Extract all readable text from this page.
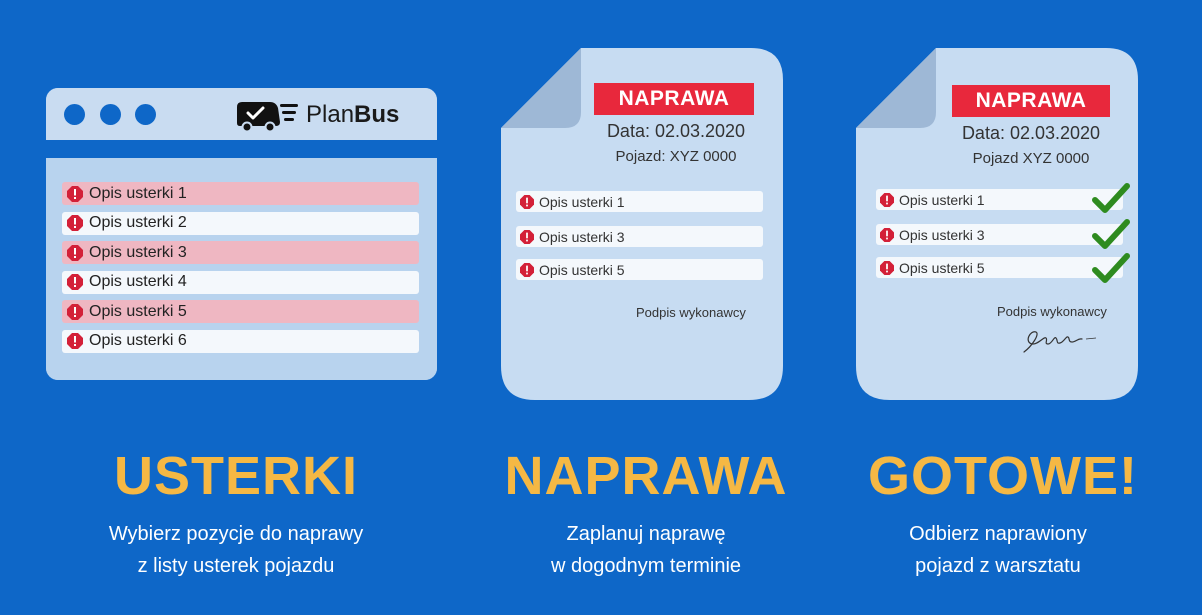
PlanBus
Opis usterki 1
Opis usterki 2
Opis usterki 3
Opis usterki 4
Opis usterki 5
Opis usterki 6
NAPRAWA
Data: 02.03.2020
Pojazd: XYZ 0000
Opis usterki 1
Opis usterki 3
Opis usterki 5
Podpis wykonawcy
NAPRAWA
Data: 02.03.2020
Pojazd XYZ 0000
Opis usterki 1
Opis usterki 3
Opis usterki 5
Podpis wykonawcy
USTERKI	NAPRAWA	GOTOWE!
Wybierz pozycje do naprawy
z listy usterek pojazdu
Zaplanuj naprawę
w dogodnym terminie
Odbierz naprawiony
pojazd z warsztatu
